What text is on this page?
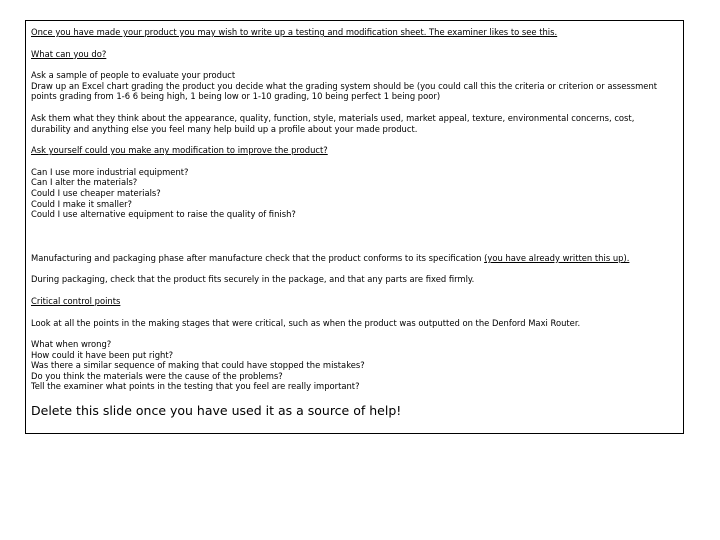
Once you have made your product you may wish to write up a testing and modification sheet. The examiner likes to see this.

What can you do?

Ask a sample of people to evaluate your product

Draw up an Excel chart grading the product you decide what the grading system should be (you could call this the criteria or criterion or assessment

points grading from 1-6 6 being high, 1 being low or 1-10 grading, 10 being perfect 1 being poor)

Ask them what they think about the appearance, quality, function, style, materials used, market appeal, texture, environmental concerns, cost,

durability and anything else you feel many help build up a profile about your made product.

Ask yourself could you make any modification to improve the product?

Can I use more industrial equipment?

Can I alter the materials?

Could I use cheaper materials?

Could I make it smaller?

Could I use alternative equipment to raise the quality of finish?

Manufacturing and packaging phase after manufacture check that the product conforms to its specification (you have already written this up).

During packaging, check that the product fits securely in the package, and that any parts are fixed firmly.

Critical control points

Look at all the points in the making stages that were critical, such as when the product was outputted on the Denford Maxi Router.

What when wrong?

How could it have been put right?

Was there a similar sequence of making that could have stopped the mistakes?

Do you think the materials were the cause of the problems?

Tell the examiner what points in the testing that you feel are really important?

Delete this slide once you have used it as a source of help!
